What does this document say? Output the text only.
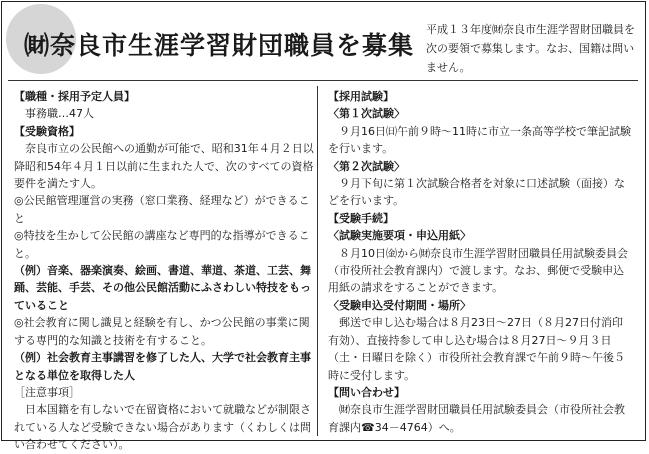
㈶奈良市生涯学習財団職員を募集
平成１３年度㈶奈良市生涯学習財団職員を次の要領で募集します。なお、国籍は問いません。
【職種・採用予定人員】
事務職…47人
【受験資格】
奈良市立の公民館への通勤が可能で、昭和31年４月２日以降昭和54年４月１日以前に生まれた人で、次のすべての資格要件を満たす人。
◎公民館管理運営の実務（窓口業務、経理など）ができること
◎特技を生かして公民館の講座など専門的な指導ができること。
（例）音楽、器楽演奏、絵画、書道、華道、茶道、工芸、舞踊、芸能、手芸、その他公民館活動にふさわしい特技をもっていること
◎社会教育に関し識見と経験を有し、かつ公民館の事業に関する専門的な知識と技術を有すること。
（例）社会教育主事講習を修了した人、大学で社会教育主事となる単位を取得した人
［注意事項］
日本国籍を有しないで在留資格において就職などが制限されている人など受験できない場合があります（くわしくは問い合わせてください）。
【採用試験】
〈第１次試験〉
９月16日㈰午前９時～11時に市立一条高等学校で筆記試験を行います。
〈第２次試験〉
９月下旬に第１次試験合格者を対象に口述試験（面接）などを行います。
【受験手続】
〈試験実施要項・申込用紙〉
８月10日㈮から㈶奈良市生涯学習財団職員任用試験委員会（市役所社会教育課内）で渡します。なお、郵便で受験申込用紙の請求をすることができます。
〈受験申込受付期間・場所〉
郵送で申し込む場合は８月23日～27日（８月27日付消印有効）、直接持参して申し込む場合は８月27日～９月３日（土・日曜日を除く）市役所社会教育課で午前９時～午後５時に受付します。
【問い合わせ】
㈶奈良市生涯学習財団職員任用試験委員会（市役所社会教育課内☎34－4764）へ。
